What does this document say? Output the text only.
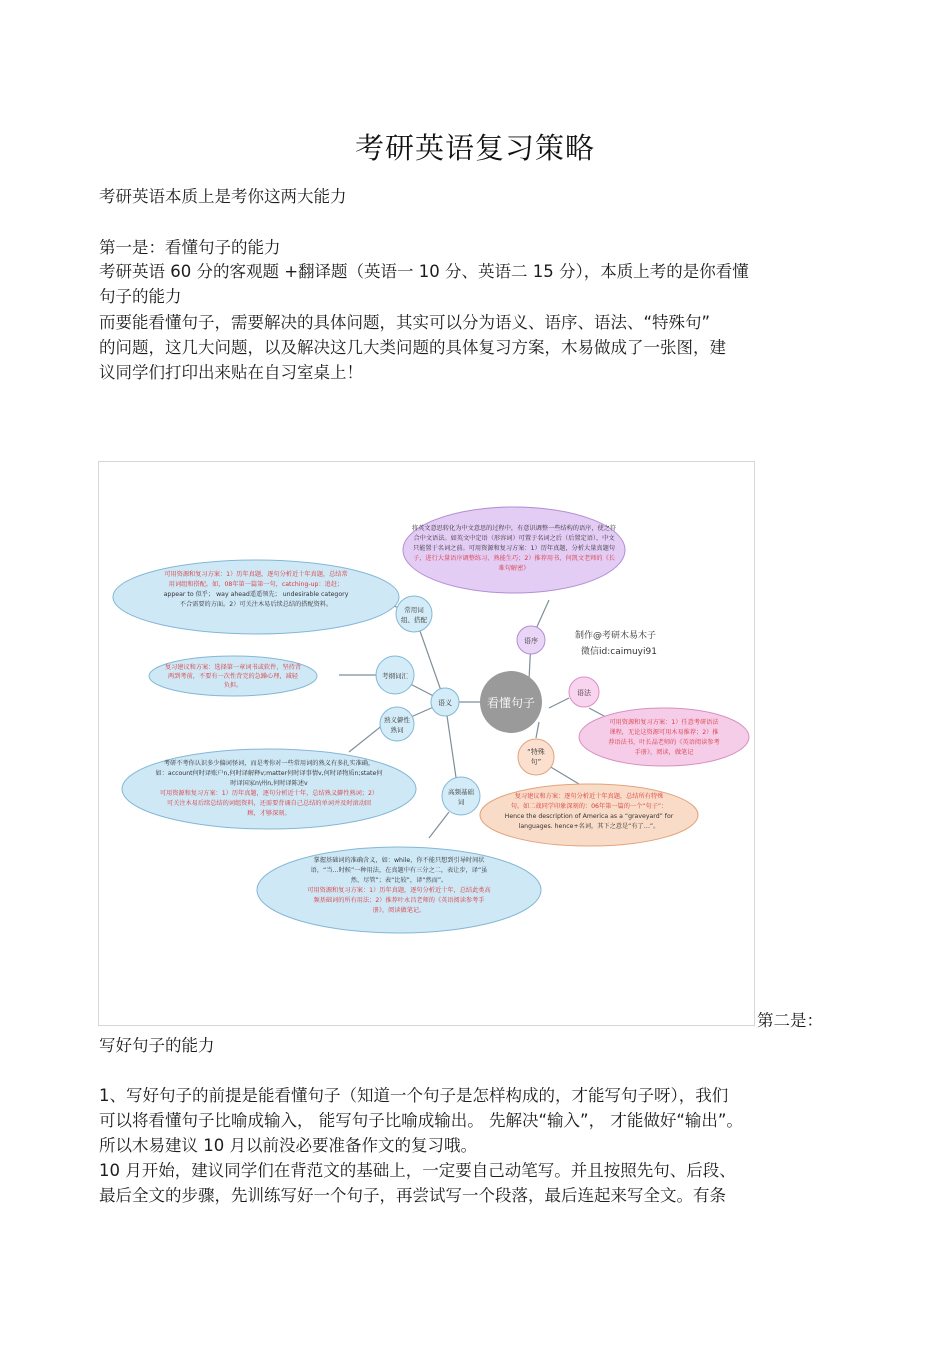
考研英语复习策略
考研英语本质上是考你这两大能力
第一是：看懂句子的能力
考研英语 60 分的客观题 +翻译题（英语一 10 分、英语二 15 分），本质上考的是你看懂
句子的能力
而要能看懂句子，需要解决的具体问题，其实可以分为语义、语序、语法、“特殊句”
的问题，这几大问题，以及解决这几大类问题的具体复习方案，木易做成了一张图，建
议同学们打印出来贴在自习室桌上！
将英文意思转化为中文意思的过程中，有意识调整一些结构的语序，使之符
合中文语法。如英文中定语（形容词）可置于名词之后（后置定语），中文
只能置于名词之前。可用资源和复习方案：1）历年真题，分析大量真题句
子，进行大量语序调整练习，熟能生巧；2）推荐用书，何凯文老师的《长
难句解密》
可用资源和复习方案：1）历年真题，逐句分析近十年真题，总结常
用词组和搭配。如，08年第一篇第一句，catching-up：追赶；
appear to 似乎； way ahead遥遥领先； undesirable category
不合需要的方面。2）可关注木易后续总结的搭配资料。
复习建议和方案：选择第一章词书或软件，坚持背
两到考前，不要有一次性背完的急躁心理，减轻
负担。
可用资源和复习方案：1）任意考研语法
课程，无论这资源可用木易推荐；2）推
荐语法书，叶长晶老师的《英语阅读参考
手册》，阅读，做笔记
考研不考你认识多少偏词怪词，而是考你对一些常用词的熟义有多扎实准确，
如：account何时译账户n,何时译解释v;matter何时译事情v,何时译物质n;state何
时译国家n\州n,何时译陈述v
可用资源和复习方案：1）历年真题，逐句分析近十年，总结熟义僻性熟词；2）
可关注木易后续总结的词组资料，还需要背诵自己总结的单词并及时滚动回
顾，才够深刻。
复习建议和方案：逐句分析近十年真题，总结所有特殊
句。如二战同学印象深刻的：06年第一篇的一个“句子”：
Hence the description of America as a “graveyard” for
languages. hence+名词，其下之意是“有了…”。
掌握基础词的准确含义，如：while，你不能只想到引导时间状
语，“当…时候”一种用法，在真题中有三分之二，表让步，译“虽
然、尽管”；表“比较”，译“然而”。
可用资源和复习方案：1）历年真题，逐句分析近十年，总结此类高
频基础词的所有用法；2）推荐叶永昌老师的《英语阅读参考手
册》，阅读做笔记。
看懂句子
语义
语序
语法
“特殊
句”
常用词
组、搭配
考纲词汇
熟义僻性
熟词
高频基础
词
制作@考研木易木子
微信id:caimuyi91
第二是：
写好句子的能力
1、写好句子的前提是能看懂句子（知道一个句子是怎样构成的，才能写句子呀），我们
可以将看懂句子比喻成输入， 能写句子比喻成输出。 先解决“输入”， 才能做好“输出”。
所以木易建议 10 月以前没必要准备作文的复习哦。
10 月开始，建议同学们在背范文的基础上，一定要自己动笔写。并且按照先句、后段、
最后全文的步骤，先训练写好一个句子，再尝试写一个段落，最后连起来写全文。有条
